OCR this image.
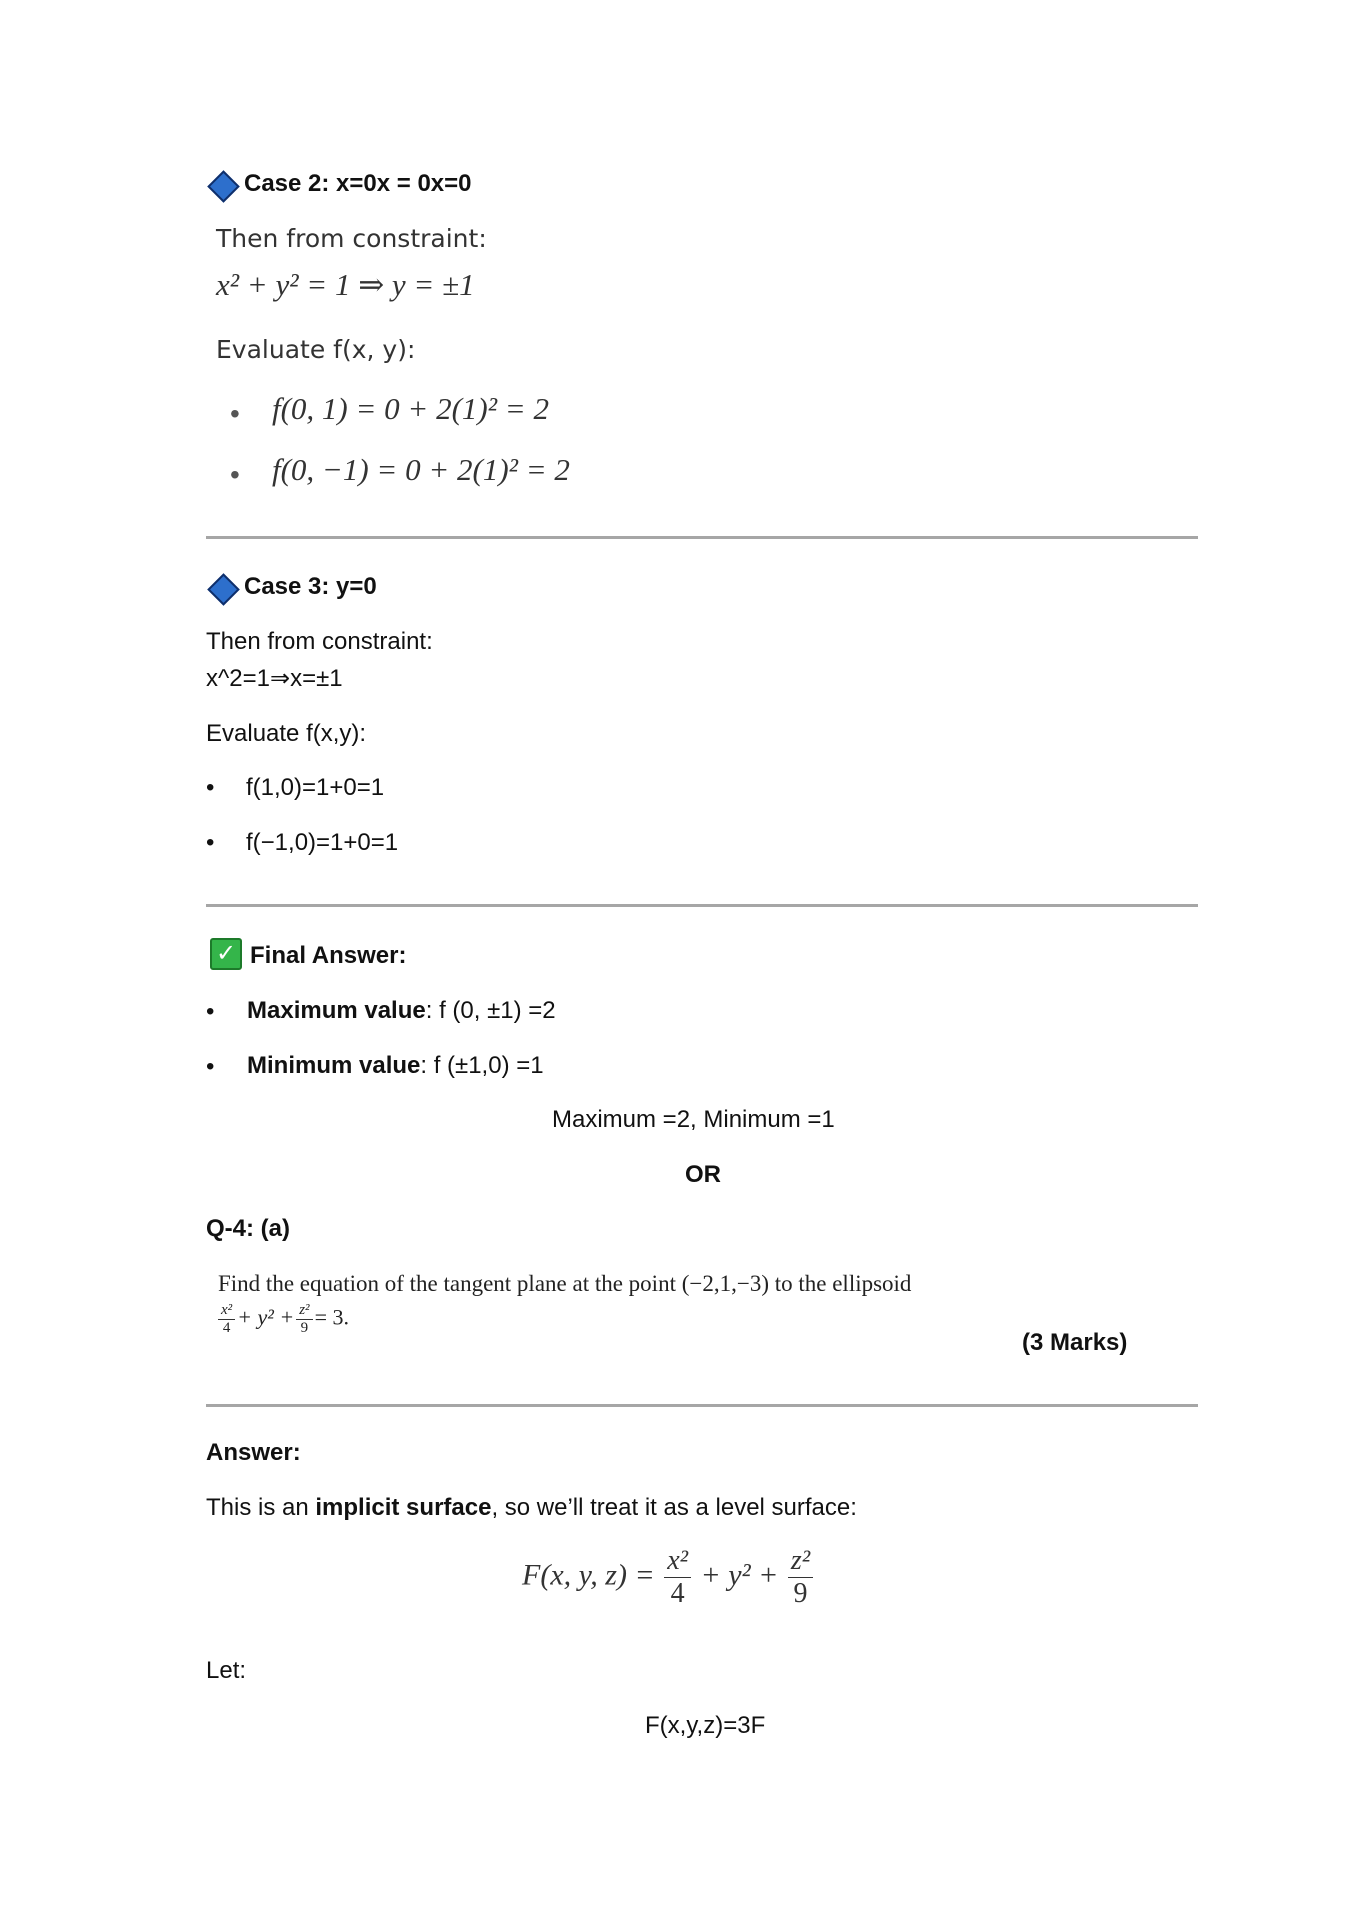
Case 2: x=0x = 0x=0
Then from constraint:
x² + y² = 1 ⇒ y = ±1
Evaluate f(x, y):
• f(0, 1) = 0 + 2(1)² = 2
• f(0, −1) = 0 + 2(1)² = 2
Case 3: y=0
Then from constraint:
x^2=1⇒x=±1
Evaluate f(x,y):
• f(1,0)=1+0=1
• f(−1,0)=1+0=1
✓ Final Answer:
• Maximum value: f (0, ±1) =2
• Minimum value: f (±1,0) =1
Maximum =2, Minimum =1
OR
Q-4: (a)
Find the equation of the tangent plane at the point (−2,1,−3) to the ellipsoid
$\frac{\text{x²}}{4} + y^2 + \frac{\text{z²}}{9} = 3$.
(3 Marks)
Answer:
This is an implicit surface, so we’ll treat it as a level surface:
F(x, y, $z) = \frac{\text{x²}}{4} + y^2 + \frac{\text{z²}}{9}$
Let:
F(x,y,z)=3F
